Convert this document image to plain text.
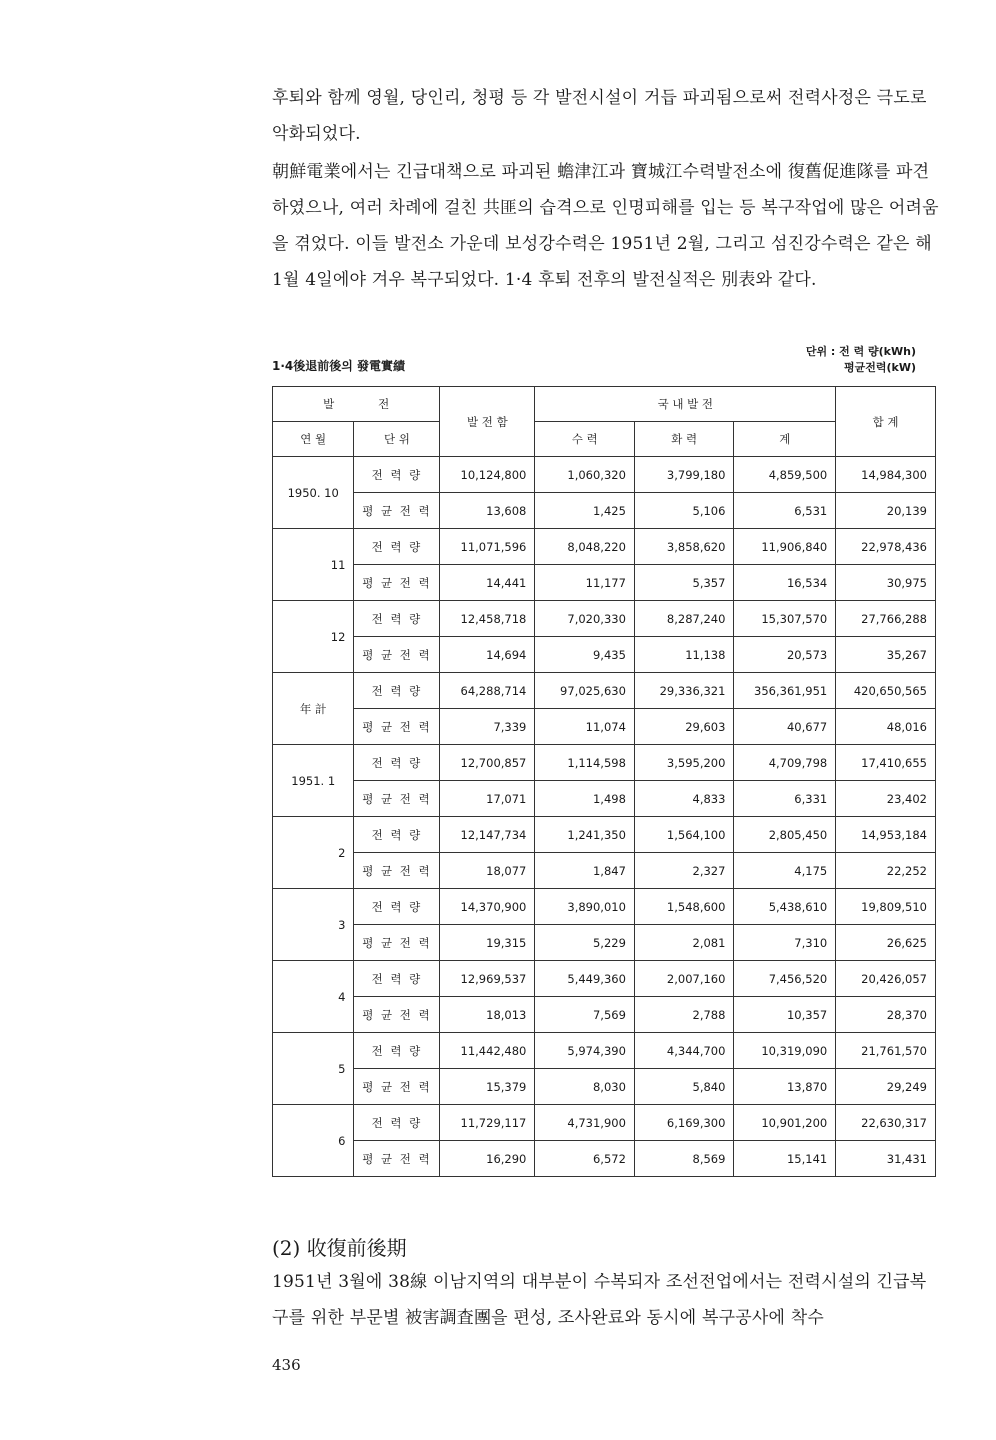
후퇴와 함께 영월, 당인리, 청평 등 각 발전시설이 거듭 파괴됨으로써 전력사정은 극도로 악화되었다.

朝鮮電業에서는 긴급대책으로 파괴된 蟾津江과 寶城江수력발전소에 復舊促進隊를 파견하였으나, 여러 차례에 걸친 共匪의 습격으로 인명피해를 입는 등 복구작업에 많은 어려움을 겪었다. 이들 발전소 가운데 보성강수력은 1951년 2월, 그리고 섬진강수력은 같은 해 1월 4일에야 겨우 복구되었다. 1·4 후퇴 전후의 발전실적은 別表와 같다.

단위 : 전 력 량(kWh)
평균전력(kW)
1·4後退前後의 發電實績
발 전		발 전 함	국 내 발 전			합 계
연 월	단 위		수 력	화 력	계	
1950. 10	전 력 량	10,124,800	1,060,320	3,799,180	4,859,500	14,984,300
	평 균 전 력	13,608	1,425	5,106	6,531	20,139
11	전 력 량	11,071,596	8,048,220	3,858,620	11,906,840	22,978,436
	평 균 전 력	14,441	11,177	5,357	16,534	30,975
12	전 력 량	12,458,718	7,020,330	8,287,240	15,307,570	27,766,288
	평 균 전 력	14,694	9,435	11,138	20,573	35,267
年 計	전 력 량	64,288,714	97,025,630	29,336,321	356,361,951	420,650,565
	평 균 전 력	7,339	11,074	29,603	40,677	48,016
1951. 1	전 력 량	12,700,857	1,114,598	3,595,200	4,709,798	17,410,655
	평 균 전 력	17,071	1,498	4,833	6,331	23,402
2	전 력 량	12,147,734	1,241,350	1,564,100	2,805,450	14,953,184
	평 균 전 력	18,077	1,847	2,327	4,175	22,252
3	전 력 량	14,370,900	3,890,010	1,548,600	5,438,610	19,809,510
	평 균 전 력	19,315	5,229	2,081	7,310	26,625
4	전 력 량	12,969,537	5,449,360	2,007,160	7,456,520	20,426,057
	평 균 전 력	18,013	7,569	2,788	10,357	28,370
5	전 력 량	11,442,480	5,974,390	4,344,700	10,319,090	21,761,570
	평 균 전 력	15,379	8,030	5,840	13,870	29,249
6	전 력 량	11,729,117	4,731,900	6,169,300	10,901,200	22,630,317
	평 균 전 력	16,290	6,572	8,569	15,141	31,431
(2) 收復前後期

1951년 3월에 38線 이남지역의 대부분이 수복되자 조선전업에서는 전력시설의 긴급복구를 위한 부문별 被害調査團을 편성, 조사완료와 동시에 복구공사에 착수

436
